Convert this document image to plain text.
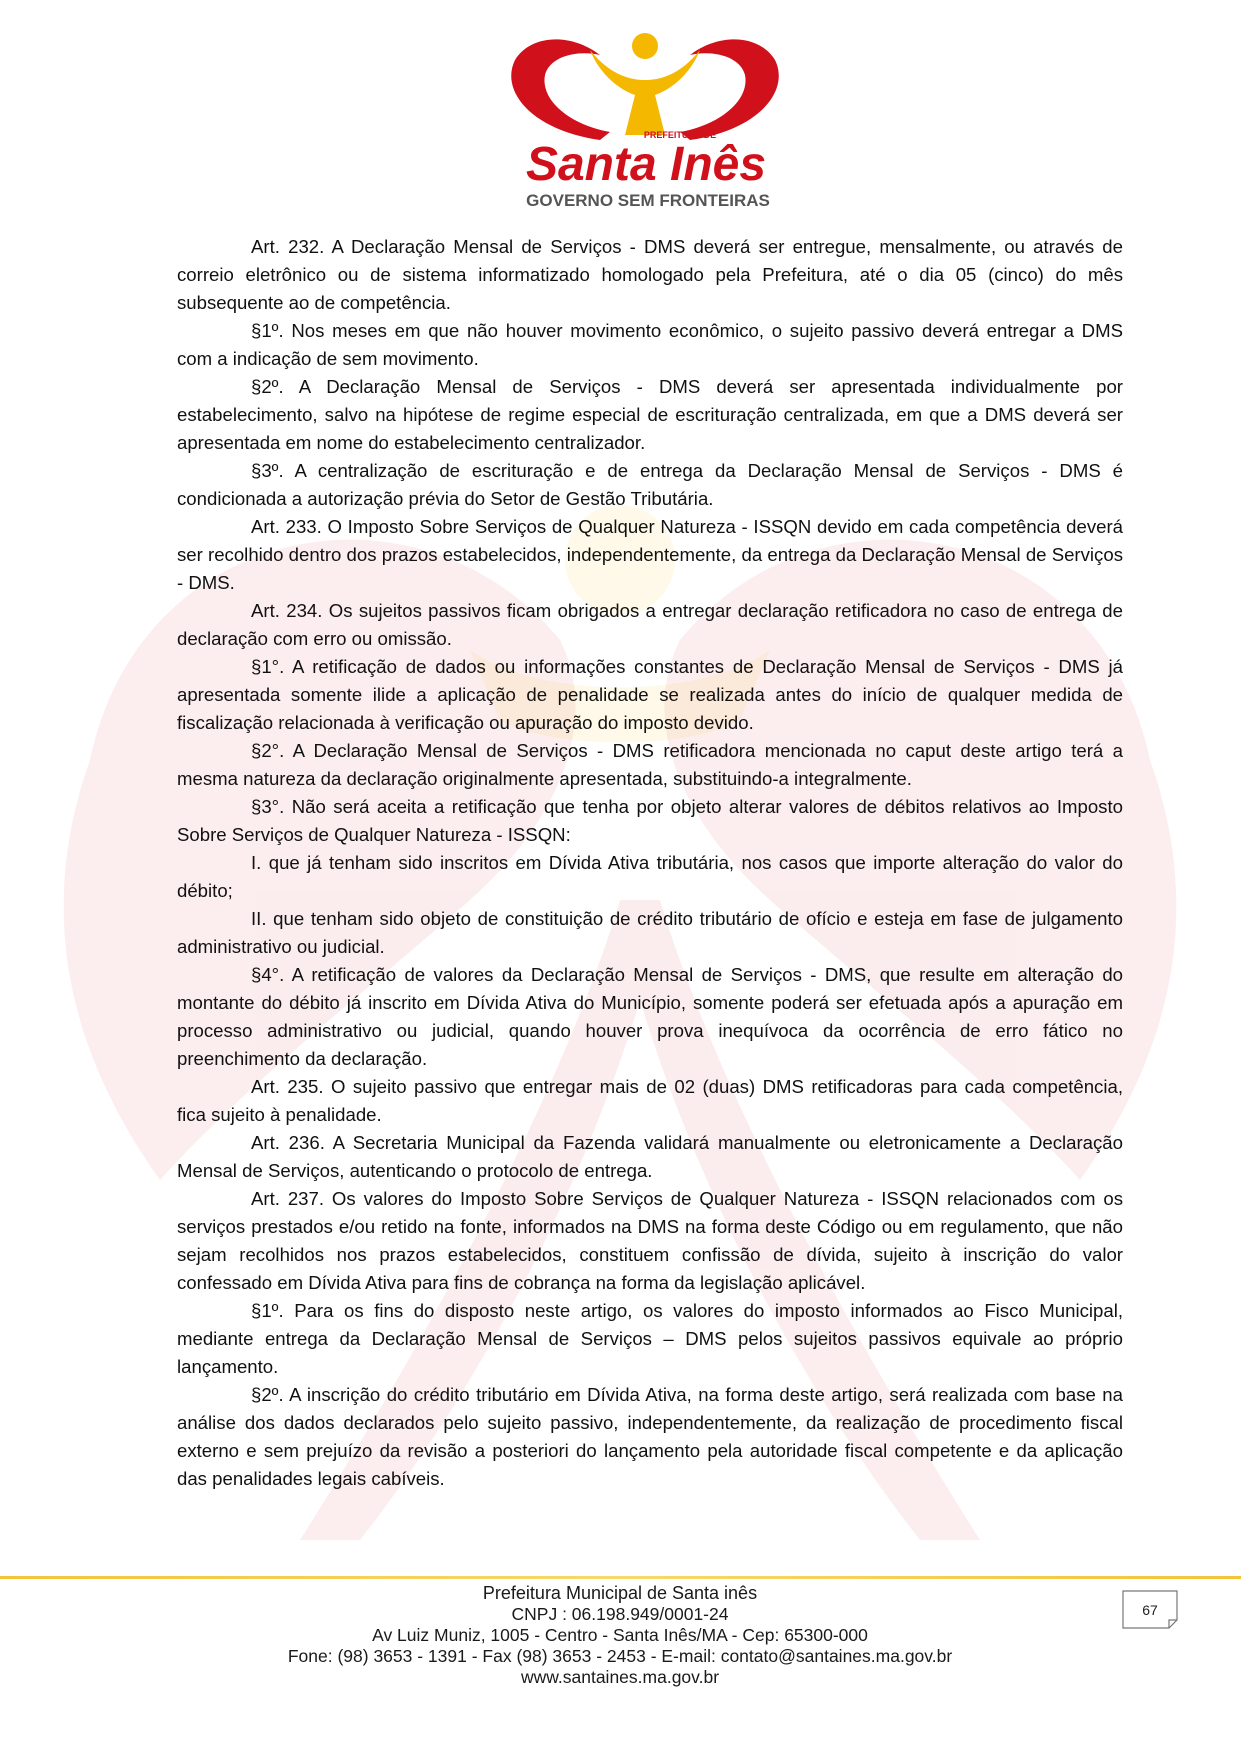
PREFEITURA DE
Santa Inês
GOVERNO SEM FRONTEIRAS

Art. 232. A Declaração Mensal de Serviços - DMS deverá ser entregue, mensalmente, ou através de correio eletrônico ou de sistema informatizado homologado pela Prefeitura, até o dia 05 (cinco) do mês subsequente ao de competência.

§1º. Nos meses em que não houver movimento econômico, o sujeito passivo deverá entregar a DMS com a indicação de sem movimento.

§2º. A Declaração Mensal de Serviços - DMS deverá ser apresentada individualmente por estabelecimento, salvo na hipótese de regime especial de escrituração centralizada, em que a DMS deverá ser apresentada em nome do estabelecimento centralizador.

§3º. A centralização de escrituração e de entrega da Declaração Mensal de Serviços - DMS é condicionada a autorização prévia do Setor de Gestão Tributária.

Art. 233. O Imposto Sobre Serviços de Qualquer Natureza - ISSQN devido em cada competência deverá ser recolhido dentro dos prazos estabelecidos, independentemente, da entrega da Declaração Mensal de Serviços - DMS.

Art. 234. Os sujeitos passivos ficam obrigados a entregar declaração retificadora no caso de entrega de declaração com erro ou omissão.

§1°. A retificação de dados ou informações constantes de Declaração Mensal de Serviços - DMS já apresentada somente ilide a aplicação de penalidade se realizada antes do início de qualquer medida de fiscalização relacionada à verificação ou apuração do imposto devido.

§2°. A Declaração Mensal de Serviços - DMS retificadora mencionada no caput deste artigo terá a mesma natureza da declaração originalmente apresentada, substituindo-a integralmente.

§3°. Não será aceita a retificação que tenha por objeto alterar valores de débitos relativos ao Imposto Sobre Serviços de Qualquer Natureza - ISSQN:

I. que já tenham sido inscritos em Dívida Ativa tributária, nos casos que importe alteração do valor do débito;

II. que tenham sido objeto de constituição de crédito tributário de ofício e esteja em fase de julgamento administrativo ou judicial.

§4°. A retificação de valores da Declaração Mensal de Serviços - DMS, que resulte em alteração do montante do débito já inscrito em Dívida Ativa do Município, somente poderá ser efetuada após a apuração em processo administrativo ou judicial, quando houver prova inequívoca da ocorrência de erro fático no preenchimento da declaração.

Art. 235. O sujeito passivo que entregar mais de 02 (duas) DMS retificadoras para cada competência, fica sujeito à penalidade.

Art. 236. A Secretaria Municipal da Fazenda validará manualmente ou eletronicamente a Declaração Mensal de Serviços, autenticando o protocolo de entrega.

Art. 237. Os valores do Imposto Sobre Serviços de Qualquer Natureza - ISSQN relacionados com os serviços prestados e/ou retido na fonte, informados na DMS na forma deste Código ou em regulamento, que não sejam recolhidos nos prazos estabelecidos, constituem confissão de dívida, sujeito à inscrição do valor confessado em Dívida Ativa para fins de cobrança na forma da legislação aplicável.

§1º. Para os fins do disposto neste artigo, os valores do imposto informados ao Fisco Municipal, mediante entrega da Declaração Mensal de Serviços – DMS pelos sujeitos passivos equivale ao próprio lançamento.

§2º. A inscrição do crédito tributário em Dívida Ativa, na forma deste artigo, será realizada com base na análise dos dados declarados pelo sujeito passivo, independentemente, da realização de procedimento fiscal externo e sem prejuízo da revisão a posteriori do lançamento pela autoridade fiscal competente e da aplicação das penalidades legais cabíveis.

Prefeitura Municipal de Santa inês
CNPJ : 06.198.949/0001-24
Av Luiz Muniz, 1005 - Centro - Santa Inês/MA - Cep: 65300-000
Fone: (98) 3653 - 1391 - Fax (98) 3653 - 2453 - E-mail: contato@santaines.ma.gov.br
www.santaines.ma.gov.br
67
